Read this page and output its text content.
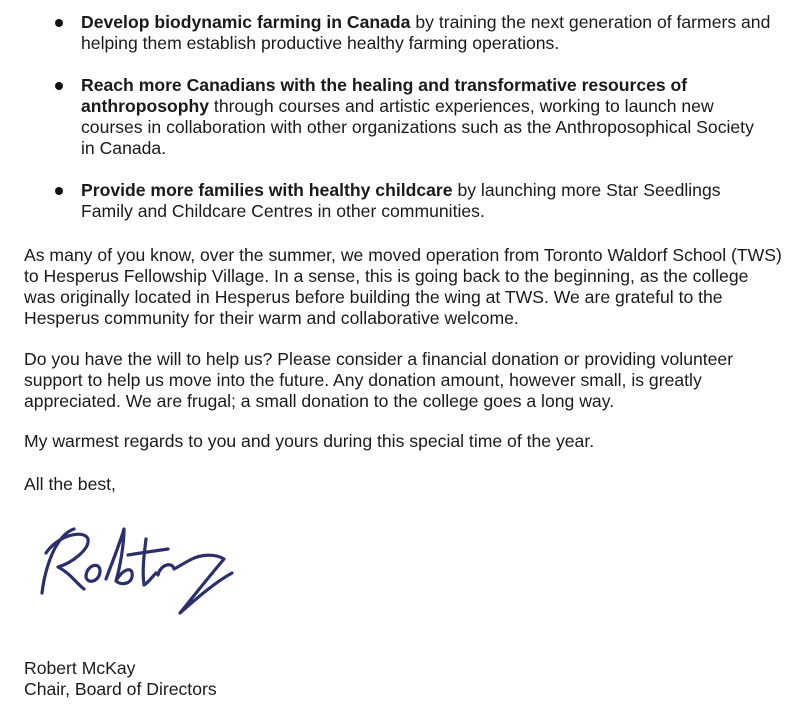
Develop biodynamic farming in Canada by training the next generation of farmers and helping them establish productive healthy farming operations.
Reach more Canadians with the healing and transformative resources of anthroposophy through courses and artistic experiences, working to launch new courses in collaboration with other organizations such as the Anthroposophical Society in Canada.
Provide more families with healthy childcare by launching more Star Seedlings Family and Childcare Centres in other communities.

As many of you know, over the summer, we moved operation from Toronto Waldorf School (TWS) to Hesperus Fellowship Village. In a sense, this is going back to the beginning, as the college was originally located in Hesperus before building the wing at TWS. We are grateful to the Hesperus community for their warm and collaborative welcome.

Do you have the will to help us? Please consider a financial donation or providing volunteer support to help us move into the future. Any donation amount, however small, is greatly appreciated. We are frugal; a small donation to the college goes a long way.

My warmest regards to you and yours during this special time of the year.

All the best,

Robert McKay

Chair, Board of Directors
